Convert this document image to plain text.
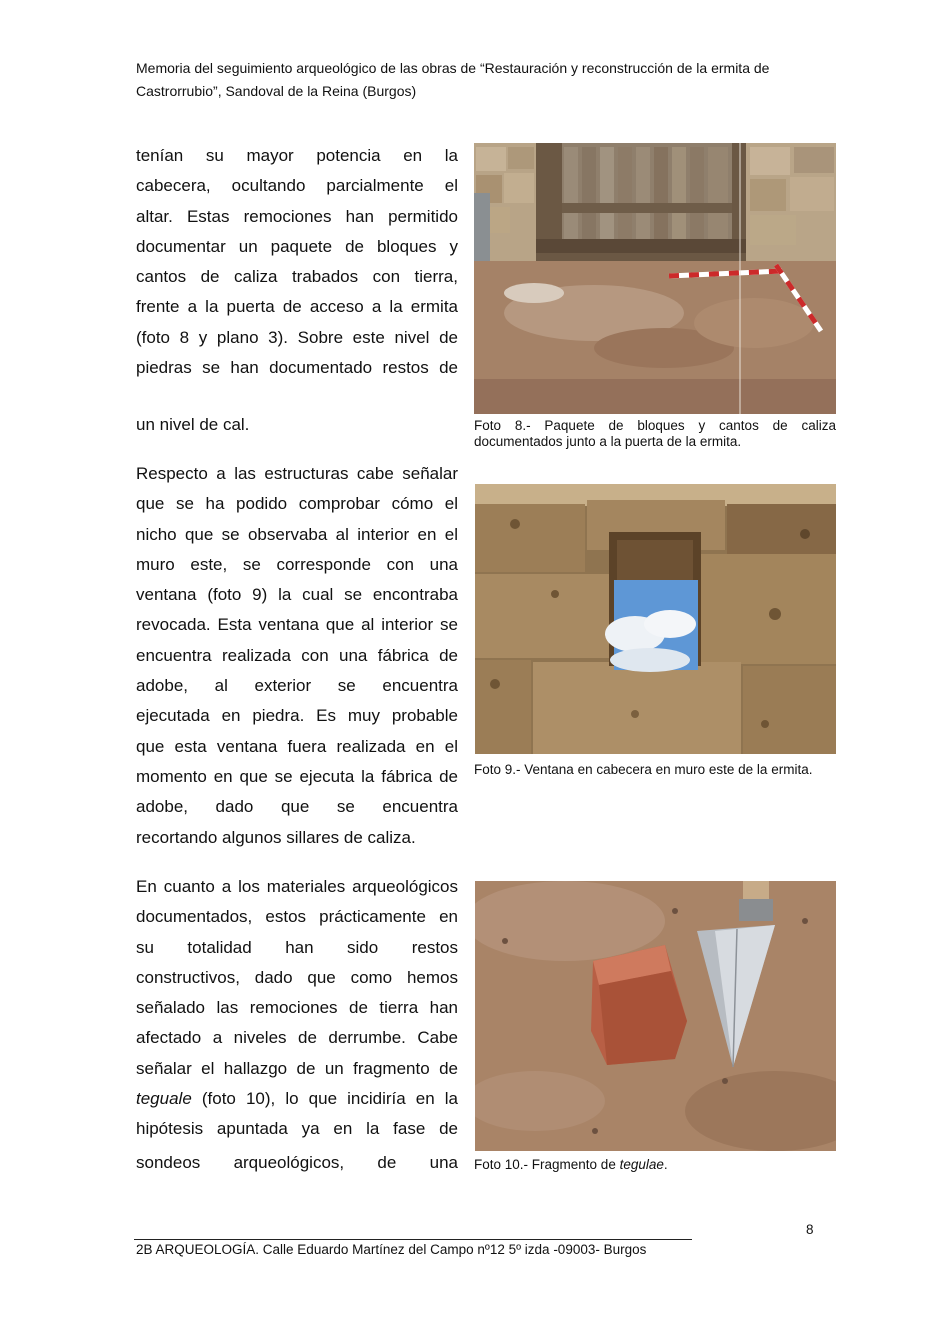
Memoria del seguimiento arqueológico de las obras de “Restauración y reconstrucción de la ermita de
Castrorrubio”, Sandoval de la Reina (Burgos)
tenían su mayor potencia en la
cabecera, ocultando parcialmente el
altar. Estas remociones han permitido
documentar un paquete de bloques y
cantos de caliza trabados con tierra,
frente a la puerta de acceso a la ermita
(foto 8 y plano 3). Sobre este nivel de
piedras se han documentado restos de
un nivel de cal.
Respecto a las estructuras cabe señalar
que se ha podido comprobar cómo el
nicho que se observaba al interior en el
muro este, se corresponde con una
ventana (foto 9) la cual se encontraba
revocada. Esta ventana que al interior se
encuentra realizada con una fábrica de
adobe, al exterior se encuentra
ejecutada en piedra. Es muy probable
que esta ventana fuera realizada en el
momento en que se ejecuta la fábrica de
adobe, dado que se encuentra
recortando algunos sillares de caliza.
En cuanto a los materiales arqueológicos
documentados, estos prácticamente en
su totalidad han sido restos
constructivos, dado que como hemos
señalado las remociones de tierra han
afectado a niveles de derrumbe. Cabe
señalar el hallazgo de un fragmento de
teguale (foto 10), lo que incidiría en la
hipótesis apuntada ya en la fase de
sondeos arqueológicos, de una
Foto 8.- Paquete de bloques y cantos de caliza documentados junto a la puerta de la ermita.
Foto 9.- Ventana en cabecera en muro este de la ermita.
Foto 10.- Fragmento de tegulae.
8
2B ARQUEOLOGÍA. Calle Eduardo Martínez del Campo nº12 5º izda -09003- Burgos
